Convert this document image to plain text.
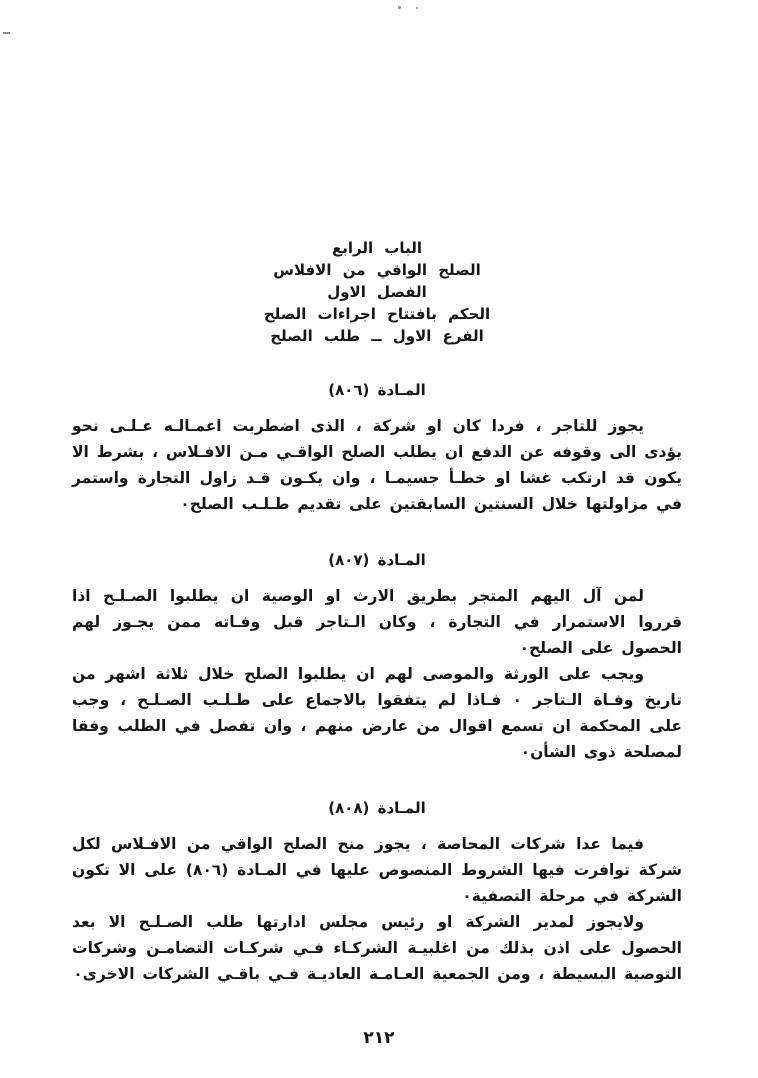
الباب الرابع
الصلح الواقي من الافلاس
الفصل الاول
الحكم بافتتاح اجراءات الصلح
الفرع الاول ــ طلب الصلح
المـادة (٨٠٦)

يجوز للتاجر ، فردا كان او شركة ، الذى اضطربت اعمـالـه عـلـى نحو يؤدى الى وقوفه عن الدفع ان يطلب الصلح الواقـي مـن الافـلاس ، بشرط الا يكون قد ارتكب غشا او خطـأ جسيمـا ، وان يكـون قـد زاول التجارة واستمر في مزاولتها خلال السنتين السابقتين على تقديم طـلـب الصلح٠

المـادة (٨٠٧)

لمن آل اليهم المتجر بطريق الارث او الوصية ان يطلبوا الصـلـح اذا قرروا الاستمرار في التجارة ، وكان الـتاجر قبل وفـاته ممن يجـوز لهم الحصول على الصلح٠

ويجب على الورثة والموصى لهم ان يطلبوا الصلح خلال ثلاثة اشهر من تاريخ وفـاة الـتاجر ٠ فـاذا لم يتفقوا بالاجماع على طـلـب الصـلـح ، وجب على المحكمة ان تسمع اقوال من عارض منهم ، وان تفصل في الطلب وفقا لمصلحة ذوى الشأن٠

المـادة (٨٠٨)

فيما عدا شركات المحاصة ، يجوز منح الصلح الواقي من الافـلاس لكل شركة توافرت فيها الشروط المنصوص عليها في المـادة (٨٠٦) على الا تكون الشركة في مرحلة التصفية٠

ولايجوز لمدير الشركة او رئيس مجلس ادارتها طلب الصـلـح الا بعد الحصول على اذن بذلك من اغلبيـة الشركـاء فـي شركـات التضامـن وشركات التوصية البسيطة ، ومن الجمعية العـامـة العاديـة فـي باقـي الشركات الاخرى٠

٢١٢
